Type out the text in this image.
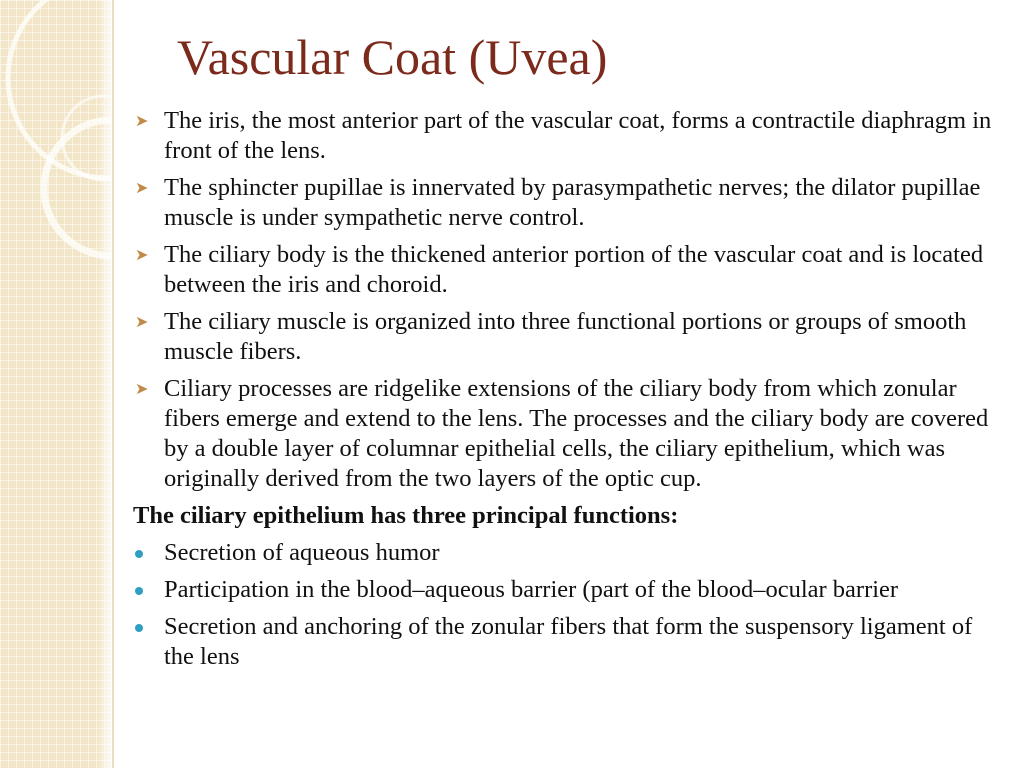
Vascular Coat (Uvea)
➤ The iris, the most anterior part of the vascular coat, forms a contractile diaphragm in front of the lens.
➤ The sphincter pupillae is innervated by parasympathetic nerves; the dilator pupillae muscle is under sympathetic nerve control.
➤ The ciliary body is the thickened anterior portion of the vascular coat and is located between the iris and choroid.
➤ The ciliary muscle is organized into three functional portions or groups of smooth muscle fibers.
➤ Ciliary processes are ridgelike extensions of the ciliary body from which zonular fibers emerge and extend to the lens. The processes and the ciliary body are covered by a double layer of columnar epithelial cells, the ciliary epithelium, which was originally derived from the two layers of the optic cup.
The ciliary epithelium has three principal functions:
Secretion of aqueous humor
Participation in the blood–aqueous barrier (part of the blood–ocular barrier
Secretion and anchoring of the zonular fibers that form the suspensory ligament of the lens
